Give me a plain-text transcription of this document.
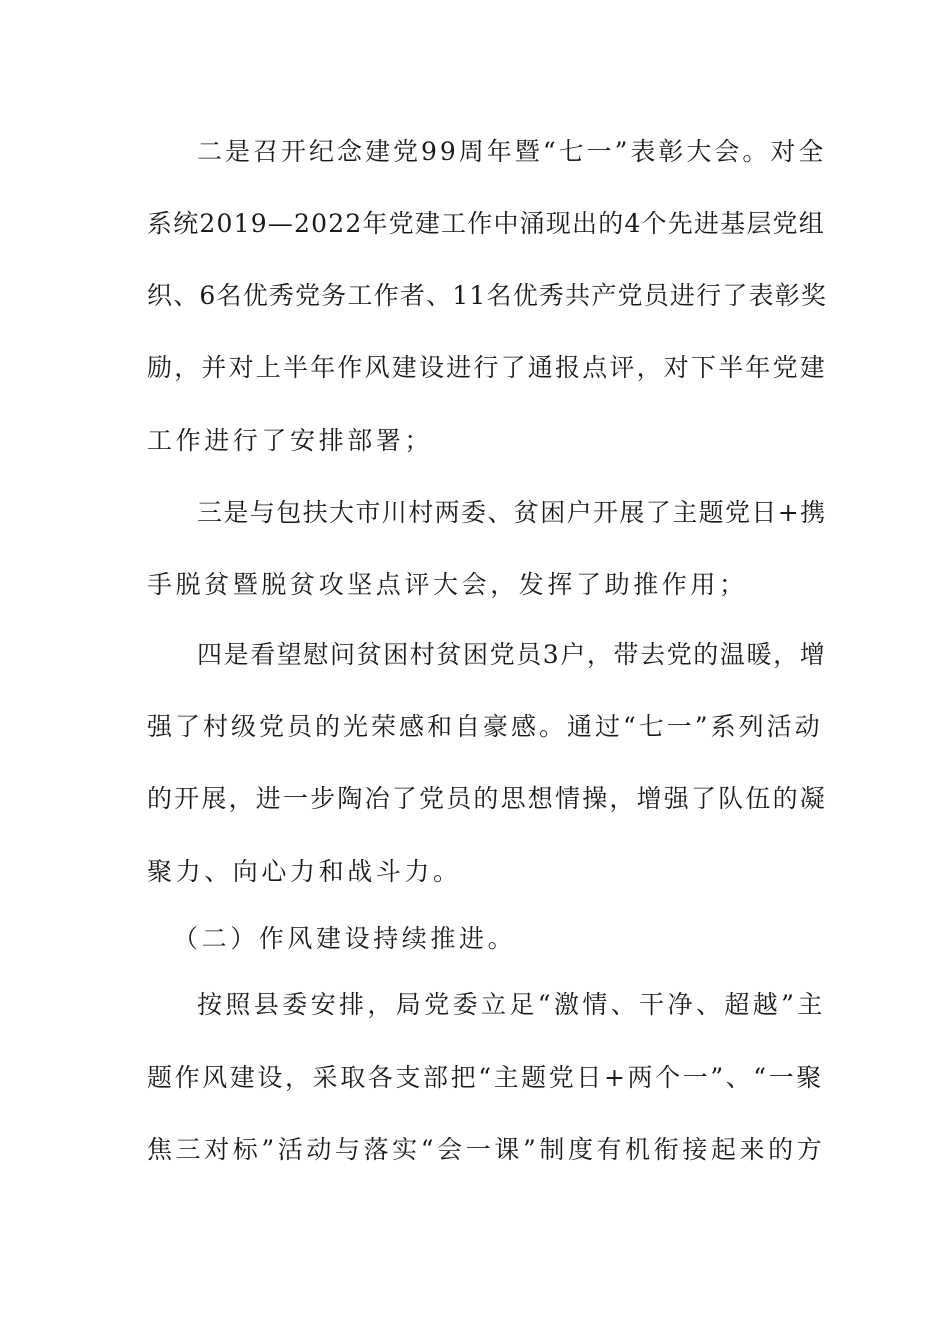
二是召开纪念建党99周年暨“七一”表彰大会。对全
系统2019—2022年党建工作中涌现出的4个先进基层党组
织、6名优秀党务工作者、11名优秀共产党员进行了表彰奖
励，并对上半年作风建设进行了通报点评，对下半年党建
工作进行了安排部署；
三是与包扶大市川村两委、贫困户开展了主题党日+携
手脱贫暨脱贫攻坚点评大会，发挥了助推作用；
四是看望慰问贫困村贫困党员3户，带去党的温暖，增
强了村级党员的光荣感和自豪感。通过“七一”系列活动
的开展，进一步陶冶了党员的思想情操，增强了队伍的凝
聚力、向心力和战斗力。
（二）作风建设持续推进。
按照县委安排，局党委立足“激情、干净、超越”主
题作风建设，采取各支部把“主题党日+两个一”、“一聚
焦三对标”活动与落实“会一课”制度有机衔接起来的方
